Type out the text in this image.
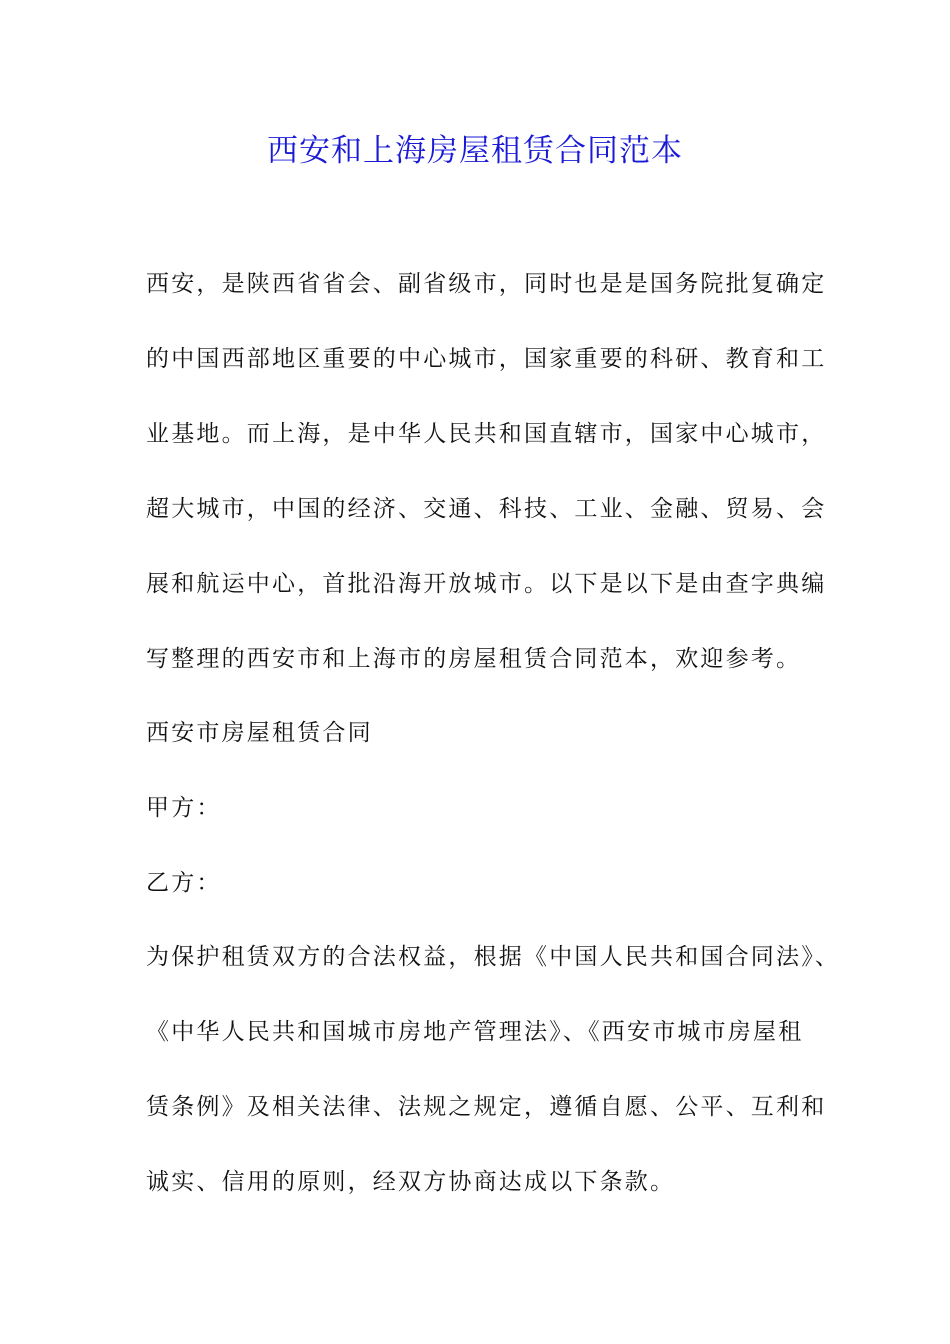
西安和上海房屋租赁合同范本

西安，是陕西省省会、副省级市，同时也是是国务院批复确定

的中国西部地区重要的中心城市，国家重要的科研、教育和工

业基地。而上海，是中华人民共和国直辖市，国家中心城市，

超大城市，中国的经济、交通、科技、工业、金融、贸易、会

展和航运中心，首批沿海开放城市。以下是以下是由查字典编

写整理的西安市和上海市的房屋租赁合同范本，欢迎参考。

西安市房屋租赁合同

甲方：

乙方：

为保护租赁双方的合法权益，根据《中国人民共和国合同法》、

《中华人民共和国城市房地产管理法》、《西安市城市房屋租

赁条例》及相关法律、法规之规定，遵循自愿、公平、互利和

诚实、信用的原则，经双方协商达成以下条款。
